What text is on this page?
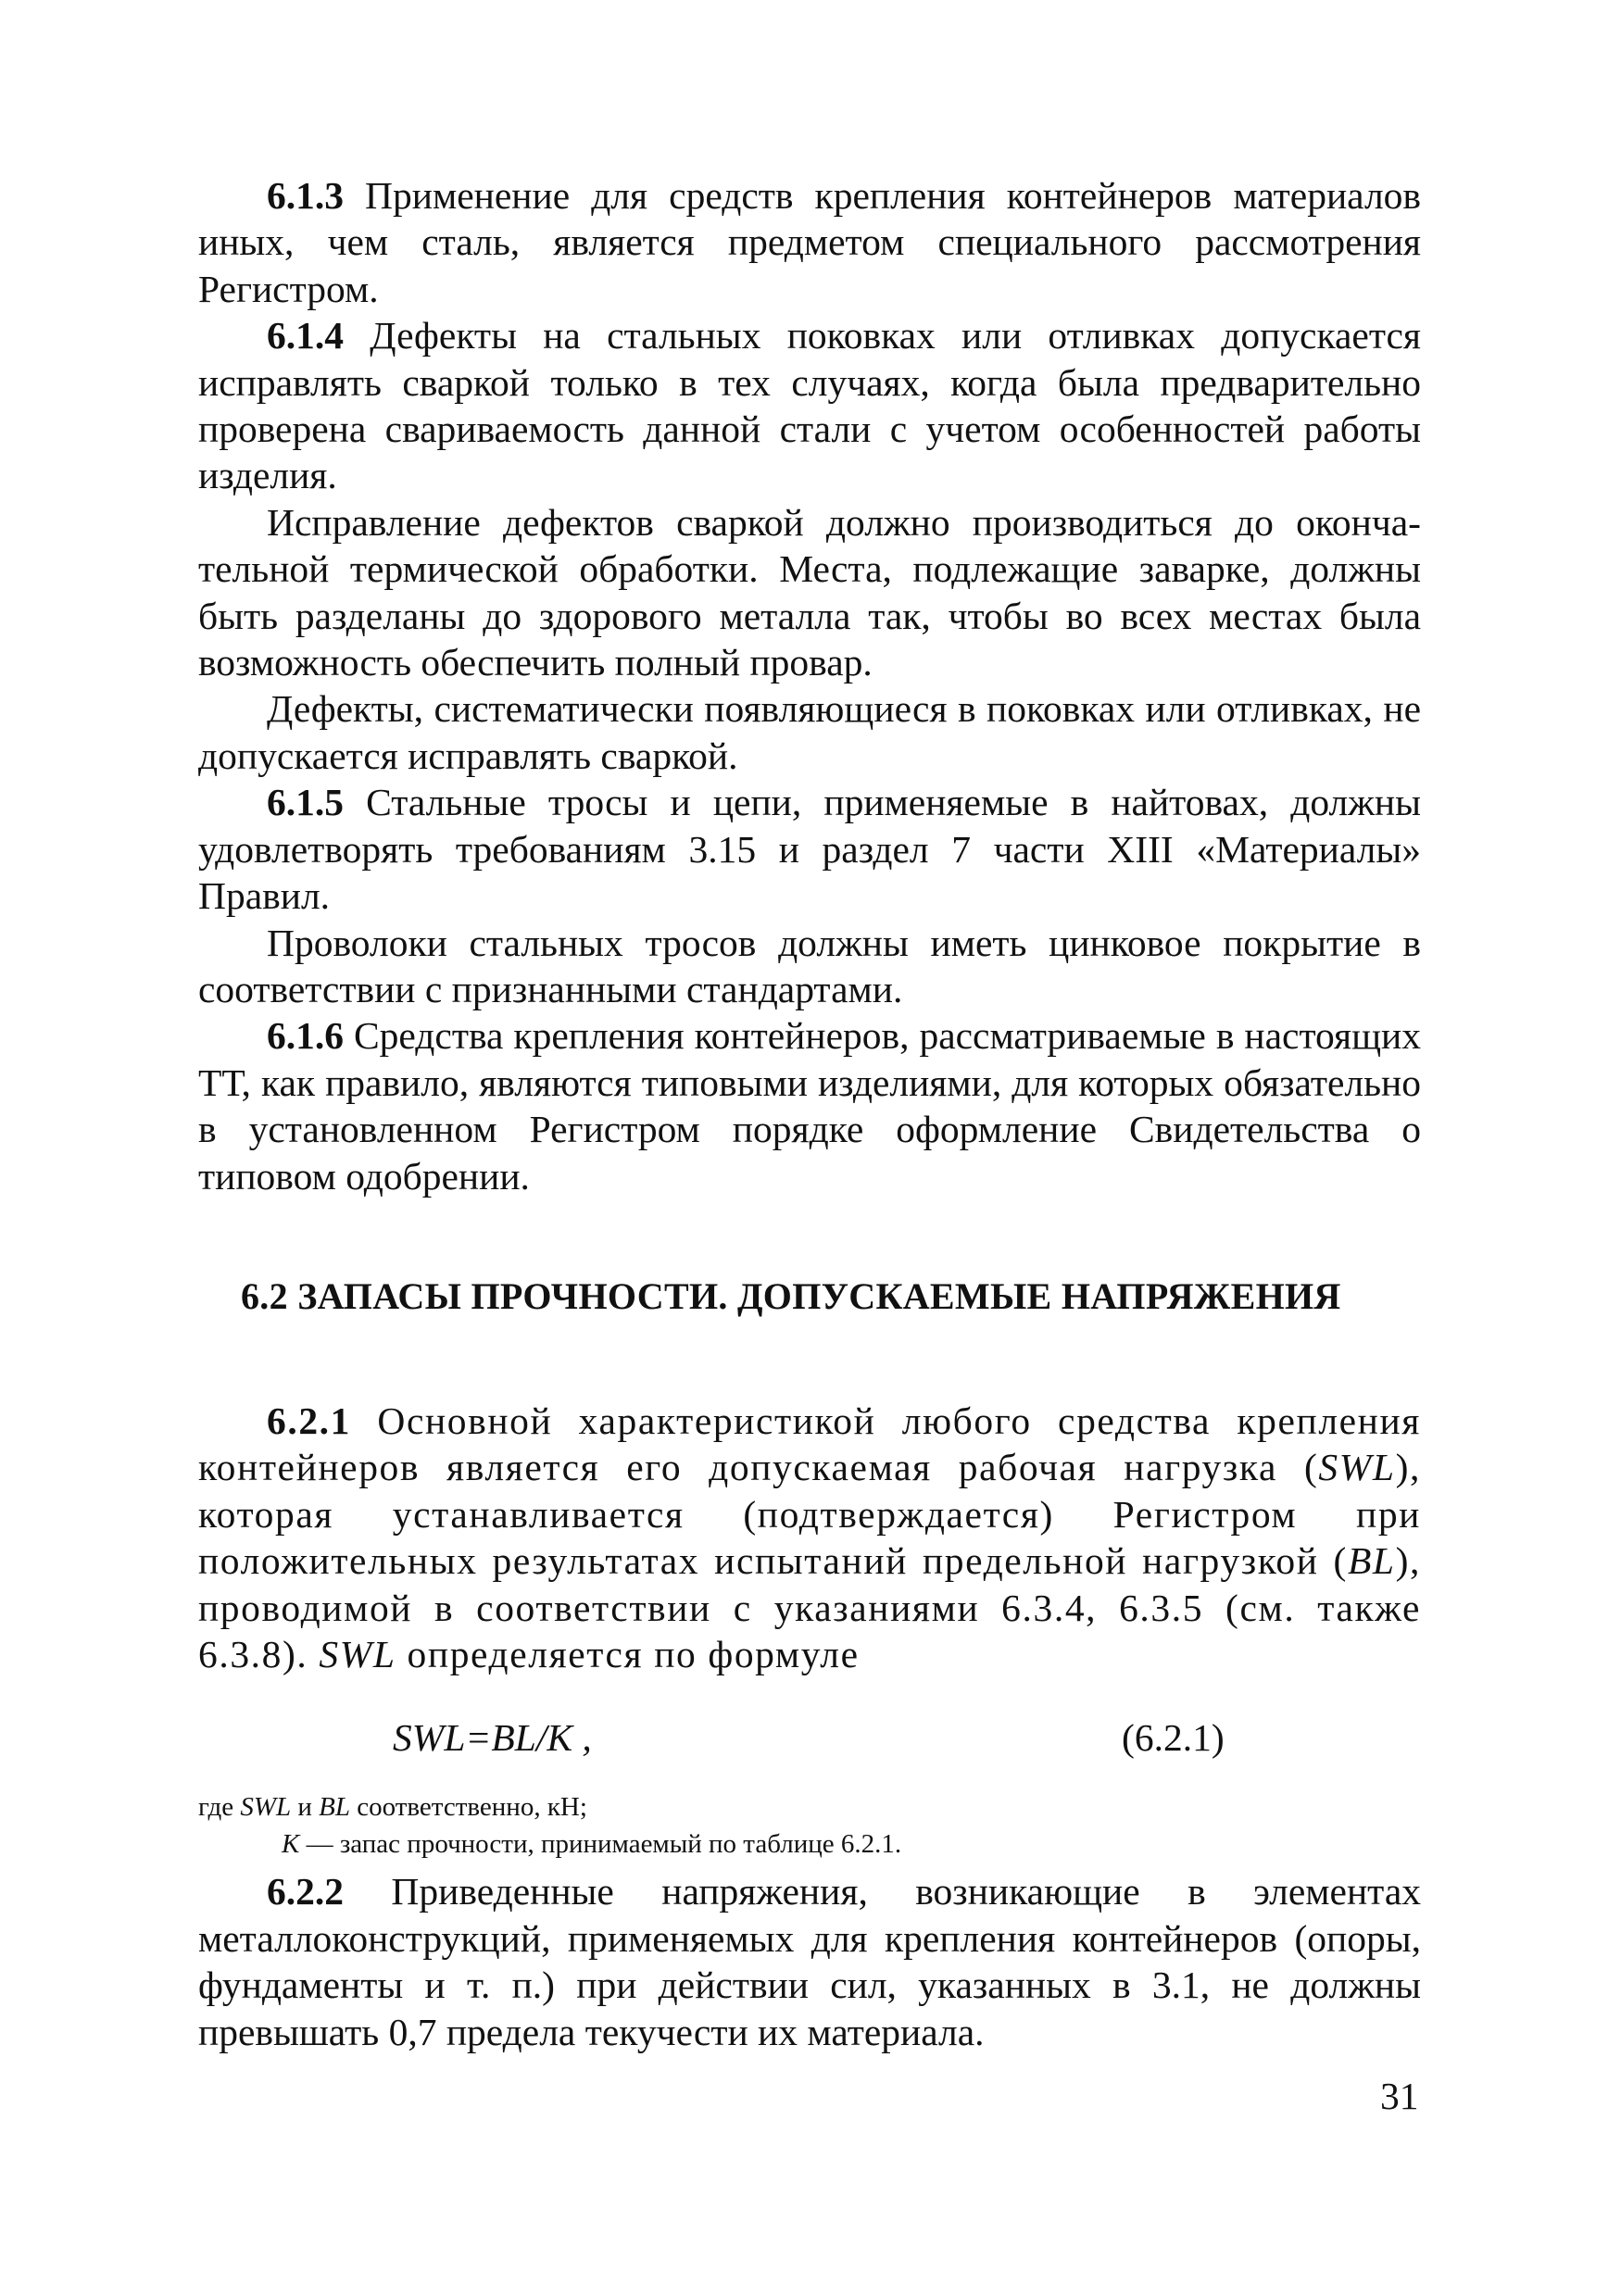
6.1.3 Применение для средств крепления контейнеров материалов иных, чем сталь, является предметом специального рассмотрения Регистром.

6.1.4 Дефекты на стальных поковках или отливках допускается исправлять сваркой только в тех случаях, когда была предварительно проверена свариваемость данной стали с учетом особенностей работы изделия.

Исправление дефектов сваркой должно производиться до окончательной термической обработки. Места, подлежащие заварке, должны быть разделаны до здорового металла так, чтобы во всех местах была возможность обеспечить полный провар.

Дефекты, систематически появляющиеся в поковках или отливках, не допускается исправлять сваркой.

6.1.5 Стальные тросы и цепи, применяемые в найтовах, должны удовлетворять требованиям 3.15 и раздел 7 части XIII «Материалы» Правил.

Проволоки стальных тросов должны иметь цинковое покрытие в соответствии с признанными стандартами.

6.1.6 Средства крепления контейнеров, рассматриваемые в настоящих ТТ, как правило, являются типовыми изделиями, для которых обязательно в установленном Регистром порядке оформление Свидетельства о типовом одобрении.

6.2 ЗАПАСЫ ПРОЧНОСТИ. ДОПУСКАЕМЫЕ НАПРЯЖЕНИЯ

6.2.1 Основной характеристикой любого средства крепления контейнеров является его допускаемая рабочая нагрузка (SWL), которая устанавливается (подтверждается) Регистром при положительных результатах испытаний предельной нагрузкой (BL), проводимой в соответствии с указаниями 6.3.4, 6.3.5 (см. также 6.3.8). SWL определяется по формуле

SWL=BL/K ,	(6.2.1)

где SWL и BL соответственно, кН;

K — запас прочности, принимаемый по таблице 6.2.1.

6.2.2 Приведенные напряжения, возникающие в элементах металлоконструкций, применяемых для крепления контейнеров (опоры, фундаменты и т. п.) при действии сил, указанных в 3.1, не должны превышать 0,7 предела текучести их материала.

31
